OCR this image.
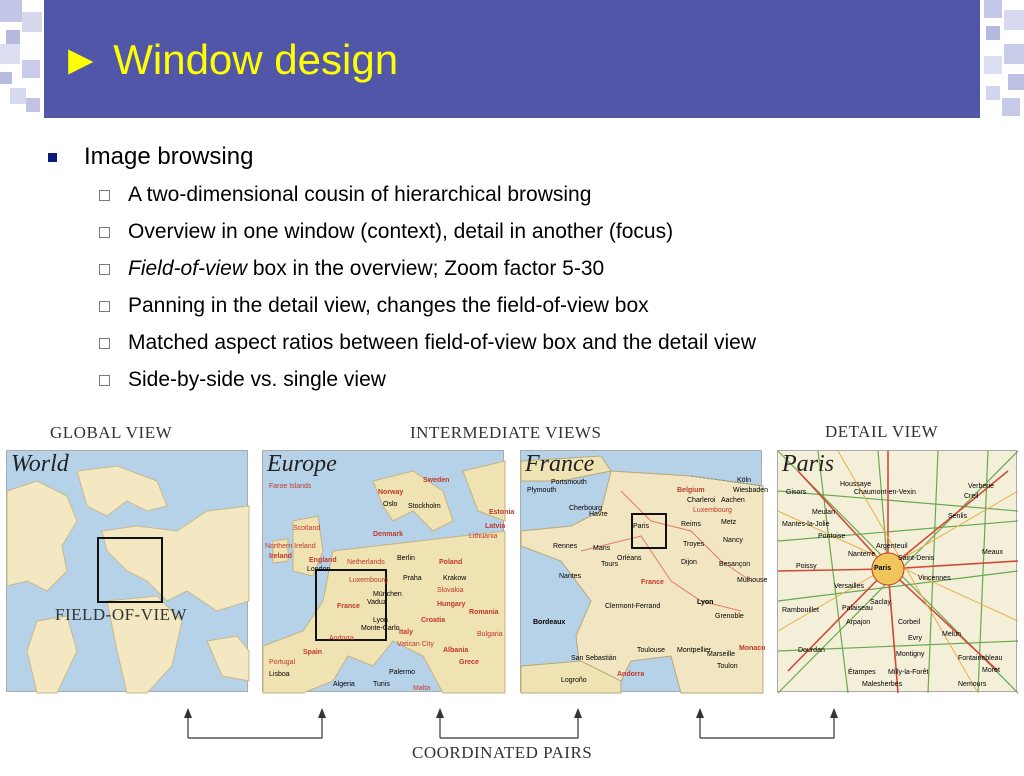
► Window design
Image browsing
A two-dimensional cousin of hierarchical browsing
Overview in one window (context), detail in another (focus)
Field-of-view box in the overview; Zoom factor 5-30
Panning in the detail view, changes the field-of-view box
Matched aspect ratios between field-of-view box and the detail view
Side-by-side vs. single view
GLOBAL VIEW	INTERMEDIATE VIEWS	DETAIL VIEW
World
FIELD-OF-VIEW
Europe
Faroe Islands
Sweden
Norway
Oslo Stockholm
Denmark
Scotland
Northern Ireland
Ireland
England
London
Netherlands
Berlin
Poland
Luxembourg Praha	Krakow
Slovakia
München
Vaduz	Hungary
France
Lyon
Monte-Carlo
Croatia
Italy
Vatican City
Andorra
Spain	Albania
Portugal
Lisboa
Grece
Palermo
Latvia
Lithuania
Estonia
Romania
Bulgaria
Algeria	Tunis
Malta
France
Portsmouth
Plymouth
Cherbourg
Havre
Belgium
Charleroi
Luxembourg
Metz
Reims
Paris
Nancy
Troyes
Rennes Mans
Orléans
Tours	Dijon	Besançon
Nantes
France
Lyon
Clermont-Ferrand
Grenoble
Bordeaux
Toulouse Montpellier
Marseille
Monaco
San Sebastián
Andorra
Logroño
Toulon
Mulhouse
Wiesbaden
Köln
Aachen
Paris
Gisors
Houssaye
Chaumont-en-Vexin
Verberie
Creil
Senlis
Pontoise
Meaux
Poissy	Paris
Versailles
Saint-Denis
Argenteuil
Melun
Fontainebleau
Nemours
Étampes
Rambouillet
Dourdan
Montigny
Arpajon
Palaiseau
Corbeil
Malesherbes
Milly-la-Forêt
Mantes-la-Jolie
Meulan
Nanterre
Vincennes
Saclay
Evry
Moret
COORDINATED PAIRS
